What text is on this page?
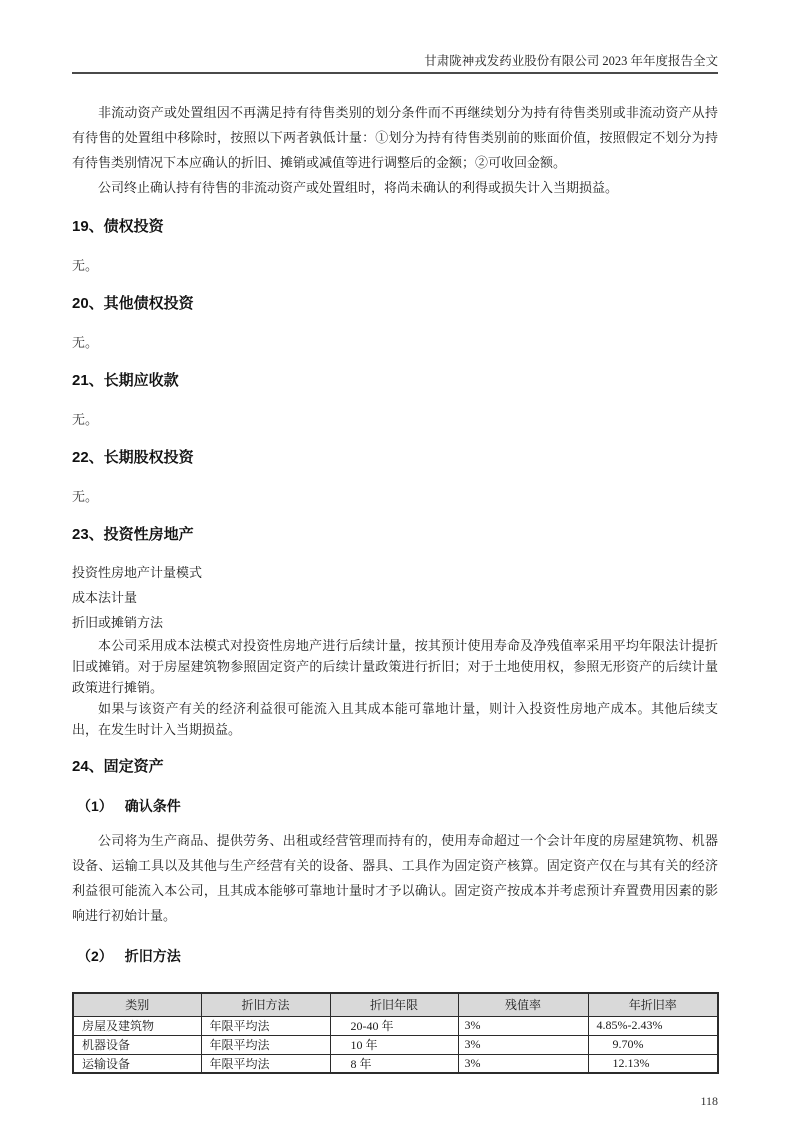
甘肃陇神戎发药业股份有限公司 2023 年年度报告全文

非流动资产或处置组因不再满足持有待售类别的划分条件而不再继续划分为持有待售类别或非流动资产从持有待售的处置组中移除时，按照以下两者孰低计量：①划分为持有待售类别前的账面价值，按照假定不划分为持有待售类别情况下本应确认的折旧、摊销或减值等进行调整后的金额；②可收回金额。

公司终止确认持有待售的非流动资产或处置组时，将尚未确认的利得或损失计入当期损益。

19、债权投资

无。

20、其他债权投资

无。

21、长期应收款

无。

22、长期股权投资

无。

23、投资性房地产

投资性房地产计量模式

成本法计量

折旧或摊销方法

本公司采用成本法模式对投资性房地产进行后续计量，按其预计使用寿命及净残值率采用平均年限法计提折旧或摊销。对于房屋建筑物参照固定资产的后续计量政策进行折旧；对于土地使用权，参照无形资产的后续计量政策进行摊销。

如果与该资产有关的经济利益很可能流入且其成本能可靠地计量，则计入投资性房地产成本。其他后续支出，在发生时计入当期损益。

24、固定资产

（1） 确认条件

公司将为生产商品、提供劳务、出租或经营管理而持有的，使用寿命超过一个会计年度的房屋建筑物、机器设备、运输工具以及其他与生产经营有关的设备、器具、工具作为固定资产核算。固定资产仅在与其有关的经济利益很可能流入本公司，且其成本能够可靠地计量时才予以确认。固定资产按成本并考虑预计弃置费用因素的影响进行初始计量。

（2） 折旧方法

类别	折旧方法	折旧年限	残值率	年折旧率
房屋及建筑物	年限平均法	20-40 年	3%	4.85%-2.43%
机器设备	年限平均法	10 年	3%	9.70%
运输设备	年限平均法	8 年	3%	12.13%
118
